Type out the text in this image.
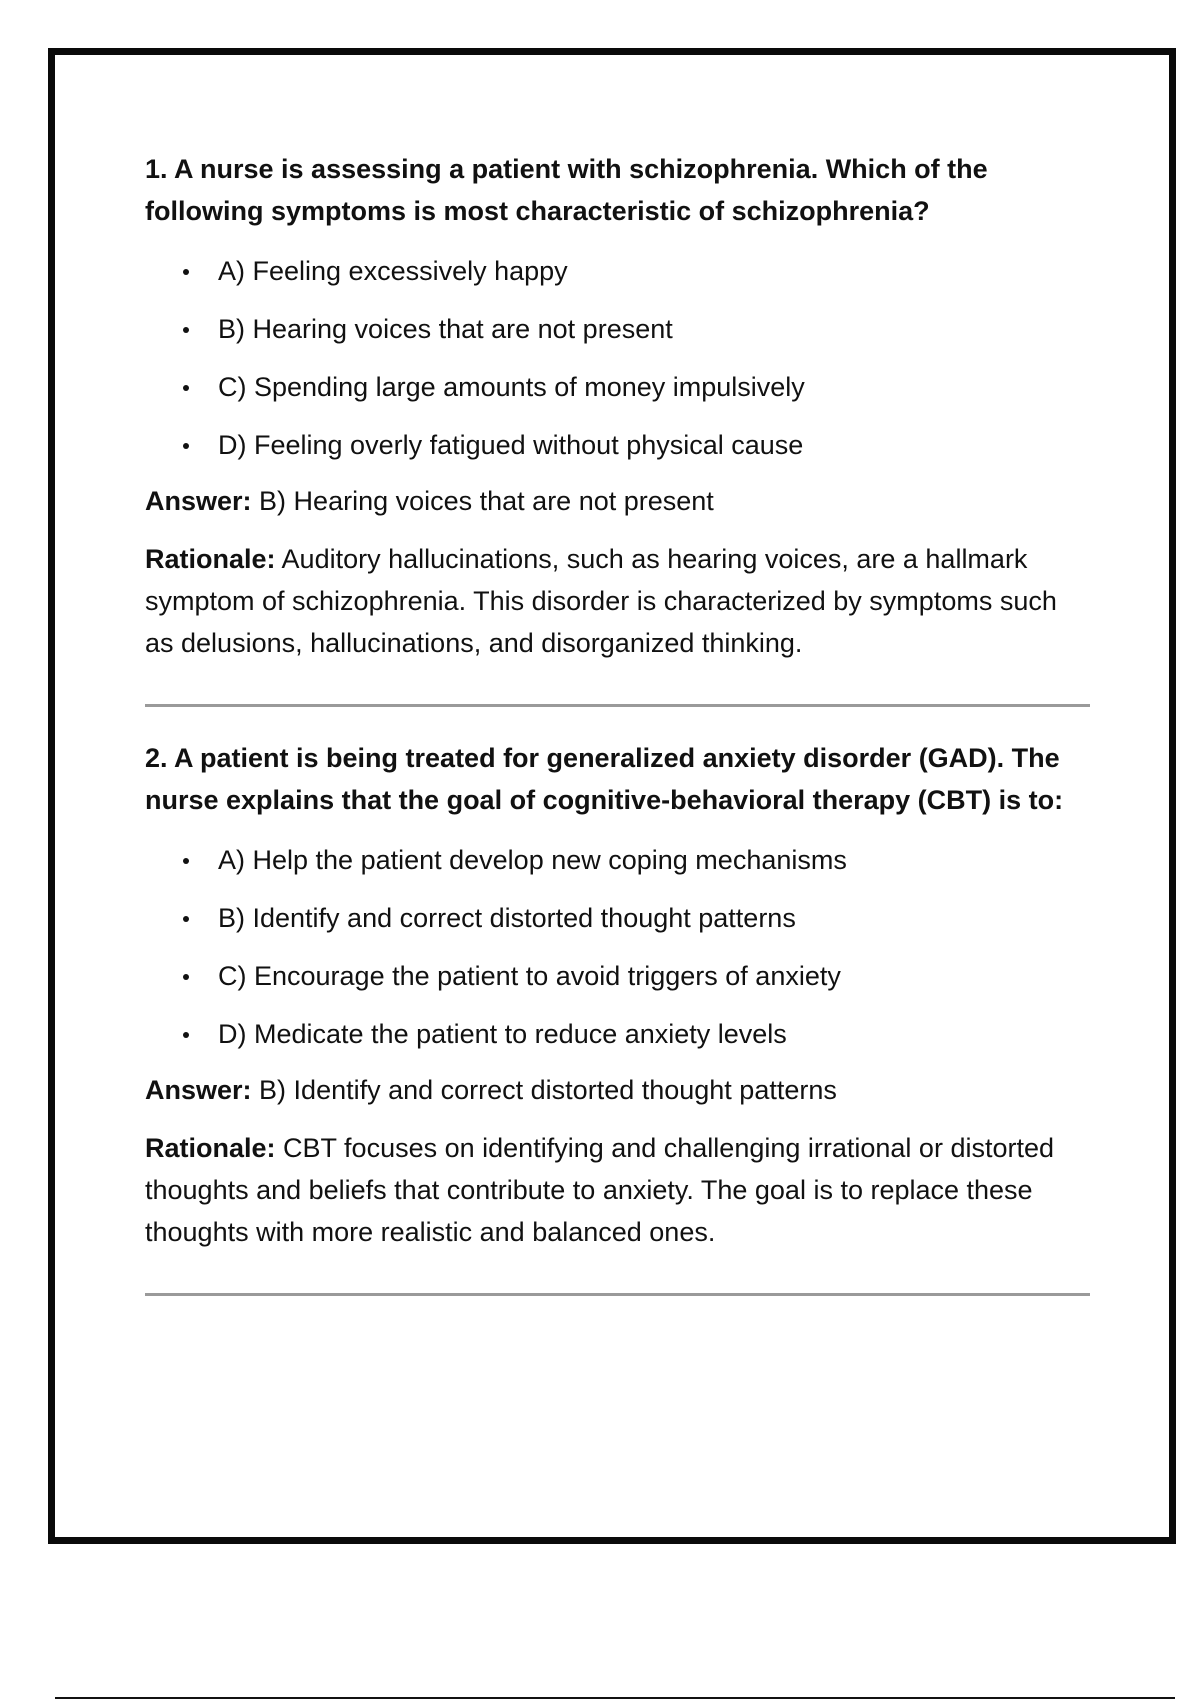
1. A nurse is assessing a patient with schizophrenia. Which of the following symptoms is most characteristic of schizophrenia?

A) Feeling excessively happy
B) Hearing voices that are not present
C) Spending large amounts of money impulsively
D) Feeling overly fatigued without physical cause

Answer: B) Hearing voices that are not present

Rationale: Auditory hallucinations, such as hearing voices, are a hallmark symptom of schizophrenia. This disorder is characterized by symptoms such as delusions, hallucinations, and disorganized thinking.

2. A patient is being treated for generalized anxiety disorder (GAD). The nurse explains that the goal of cognitive-behavioral therapy (CBT) is to:

A) Help the patient develop new coping mechanisms
B) Identify and correct distorted thought patterns
C) Encourage the patient to avoid triggers of anxiety
D) Medicate the patient to reduce anxiety levels

Answer: B) Identify and correct distorted thought patterns

Rationale: CBT focuses on identifying and challenging irrational or distorted thoughts and beliefs that contribute to anxiety. The goal is to replace these thoughts with more realistic and balanced ones.
